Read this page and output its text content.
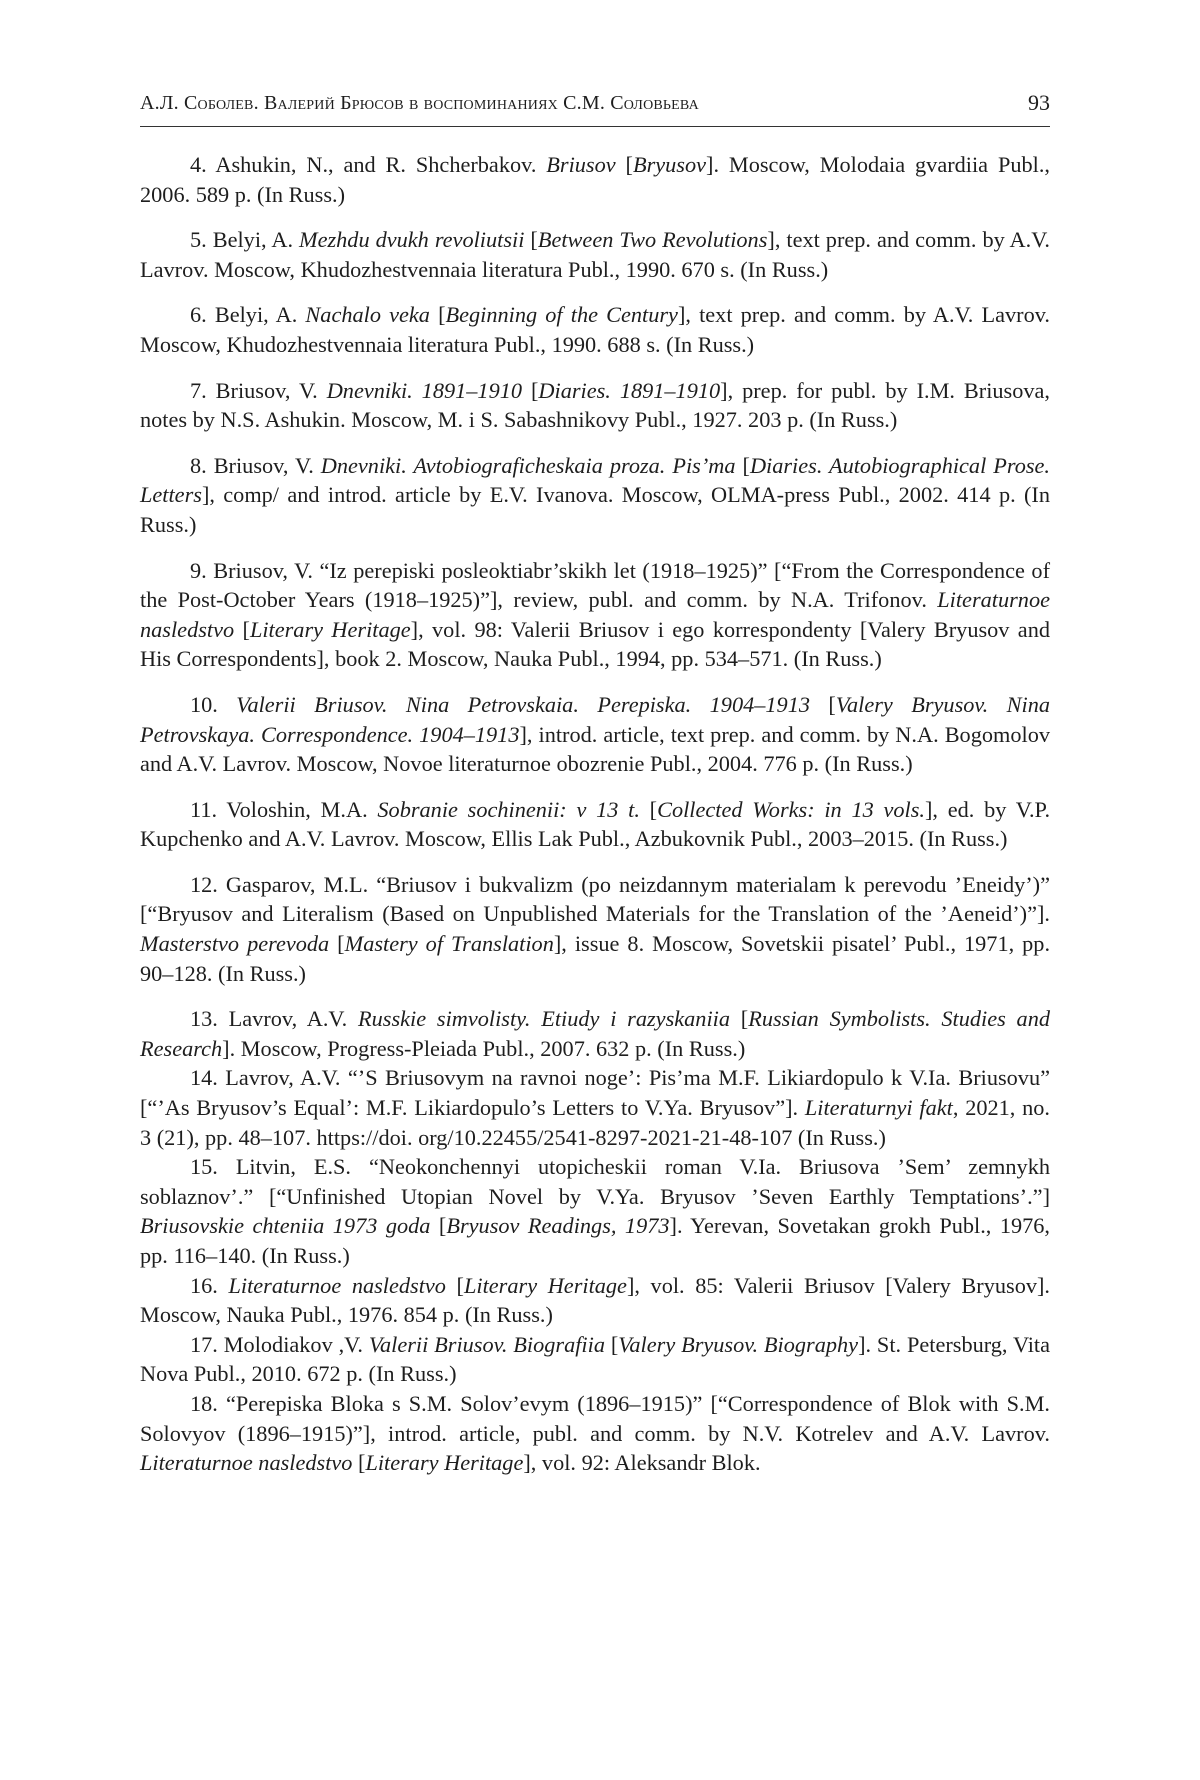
А.Л. Соболев. Валерий Брюсов в воспоминаниях С.М. Соловьева	93

4. Ashukin, N., and R. Shcherbakov. Briusov [Bryusov]. Moscow, Molodaia gvardiia Publ., 2006. 589 p. (In Russ.)

5. Belyi, A. Mezhdu dvukh revoliutsii [Between Two Revolutions], text prep. and comm. by A.V. Lavrov. Moscow, Khudozhestvennaia literatura Publ., 1990. 670 s. (In Russ.)

6. Belyi, A. Nachalo veka [Beginning of the Century], text prep. and comm. by A.V. Lavrov. Moscow, Khudozhestvennaia literatura Publ., 1990. 688 s. (In Russ.)

7. Briusov, V. Dnevniki. 1891–1910 [Diaries. 1891–1910], prep. for publ. by I.M. Briusova, notes by N.S. Ashukin. Moscow, M. i S. Sabashnikovy Publ., 1927. 203 p. (In Russ.)

8. Briusov, V. Dnevniki. Avtobiograficheskaia proza. Pis’ma [Diaries. Autobiographical Prose. Letters], comp/ and introd. article by E.V. Ivanova. Moscow, OLMA-press Publ., 2002. 414 p. (In Russ.)

9. Briusov, V. “Iz perepiski posleoktiabr’skikh let (1918–1925)” [“From the Correspondence of the Post-October Years (1918–1925)”], review, publ. and comm. by N.A. Trifonov. Literaturnoe nasledstvo [Literary Heritage], vol. 98: Valerii Briusov i ego korrespondenty [Valery Bryusov and His Correspondents], book 2. Moscow, Nauka Publ., 1994, pp. 534–571. (In Russ.)

10. Valerii Briusov. Nina Petrovskaia. Perepiska. 1904–1913 [Valery Bryusov. Nina Petrovskaya. Correspondence. 1904–1913], introd. article, text prep. and comm. by N.A. Bogomolov and A.V. Lavrov. Moscow, Novoe literaturnoe obozrenie Publ., 2004. 776 p. (In Russ.)

11. Voloshin, M.A. Sobranie sochinenii: v 13 t. [Collected Works: in 13 vols.], ed. by V.P. Kupchenko and A.V. Lavrov. Moscow, Ellis Lak Publ., Azbukovnik Publ., 2003–2015. (In Russ.)

12. Gasparov, M.L. “Briusov i bukvalizm (po neizdannym materialam k perevodu ’Eneidy’)” [“Bryusov and Literalism (Based on Unpublished Materials for the Translation of the ’Aeneid’)”]. Masterstvo perevoda [Mastery of Translation], issue 8. Moscow, Sovetskii pisatel’ Publ., 1971, pp. 90–128. (In Russ.)

13. Lavrov, A.V. Russkie simvolisty. Etiudy i razyskaniia [Russian Symbolists. Studies and Research]. Moscow, Progress-Pleiada Publ., 2007. 632 p. (In Russ.)

14. Lavrov, A.V. “’S Briusovym na ravnoi noge’: Pis’ma M.F. Likiardopulo k V.Ia. Briusovu” [“’As Bryusov’s Equal’: M.F. Likiardopulo’s Letters to V.Ya. Bryusov”]. Literaturnyi fakt, 2021, no. 3 (21), pp. 48–107. https://doi. org/10.22455/2541-8297-2021-21-48-107 (In Russ.)

15. Litvin, E.S. “Neokonchennyi utopicheskii roman V.Ia. Briusova ’Sem’ zemnykh soblaznov’.” [“Unfinished Utopian Novel by V.Ya. Bryusov ’Seven Earthly Temptations’.”] Briusovskie chteniia 1973 goda [Bryusov Readings, 1973]. Yerevan, Sovetakan grokh Publ., 1976, pp. 116–140. (In Russ.)

16. Literaturnoe nasledstvo [Literary Heritage], vol. 85: Valerii Briusov [Valery Bryusov]. Moscow, Nauka Publ., 1976. 854 p. (In Russ.)

17. Molodiakov ,V. Valerii Briusov. Biografiia [Valery Bryusov. Biography]. St. Petersburg, Vita Nova Publ., 2010. 672 p. (In Russ.)

18. “Perepiska Bloka s S.M. Solov’evym (1896–1915)” [“Correspondence of Blok with S.M. Solovyov (1896–1915)”], introd. article, publ. and comm. by N.V. Kotrelev and A.V. Lavrov. Literaturnoe nasledstvo [Literary Heritage], vol. 92: Aleksandr Blok.
